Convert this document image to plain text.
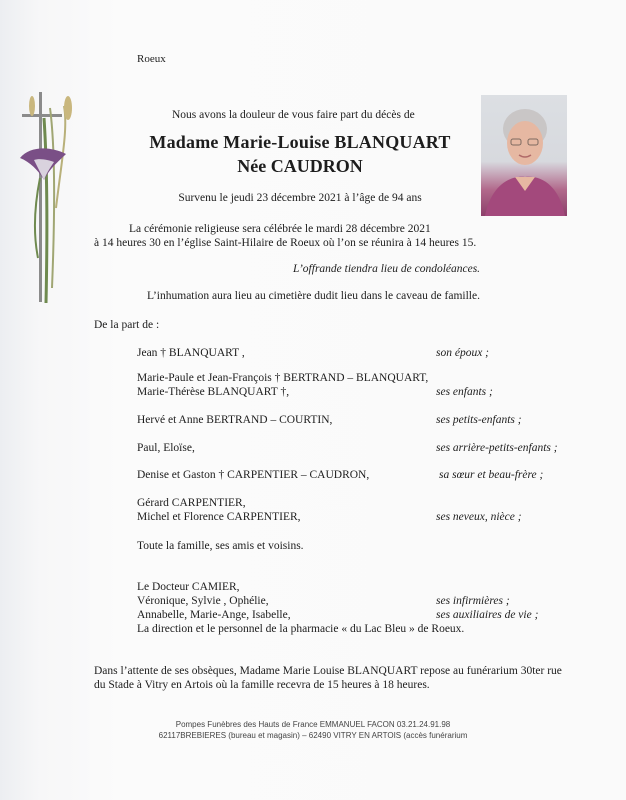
Roeux
Nous avons la douleur de vous faire part du décès de
Madame Marie-Louise BLANQUART
Née CAUDRON
Survenu le jeudi 23 décembre 2021 à l’âge de 94 ans
La cérémonie religieuse sera célébrée le mardi 28 décembre 2021
à 14 heures 30 en l’église Saint-Hilaire de Roeux où l’on se réunira à 14 heures 15.
L’offrande tiendra lieu de condoléances.
L’inhumation aura lieu au cimetière dudit lieu dans le caveau de famille.
De la part de :
Jean † BLANQUART ,	son époux ;
Marie-Paule et Jean-François † BERTRAND – BLANQUART,
Marie-Thérèse BLANQUART †,	ses enfants ;
Hervé et Anne BERTRAND – COURTIN,	ses petits-enfants ;
Paul, Eloïse,	ses arrière-petits-enfants ;
Denise et Gaston † CARPENTIER – CAUDRON,	sa sœur et beau-frère ;
Gérard CARPENTIER,
Michel et Florence CARPENTIER,	ses neveux, nièce ;
Toute la famille, ses amis et voisins.
Le Docteur CAMIER,
Véronique, Sylvie , Ophélie,	ses infirmières ;
Annabelle, Marie-Ange, Isabelle,	ses auxiliaires de vie ;
La direction et le personnel de la pharmacie « du Lac Bleu » de Roeux.
Dans l’attente de ses obsèques, Madame Marie Louise BLANQUART repose au funérarium 30ter rue
du Stade à Vitry en Artois où la famille recevra de 15 heures à 18 heures.
Pompes Funèbres des Hauts de France EMMANUEL FACON 03.21.24.91.98
62117BREBIERES (bureau et magasin) – 62490 VITRY EN ARTOIS (accès funérarium
